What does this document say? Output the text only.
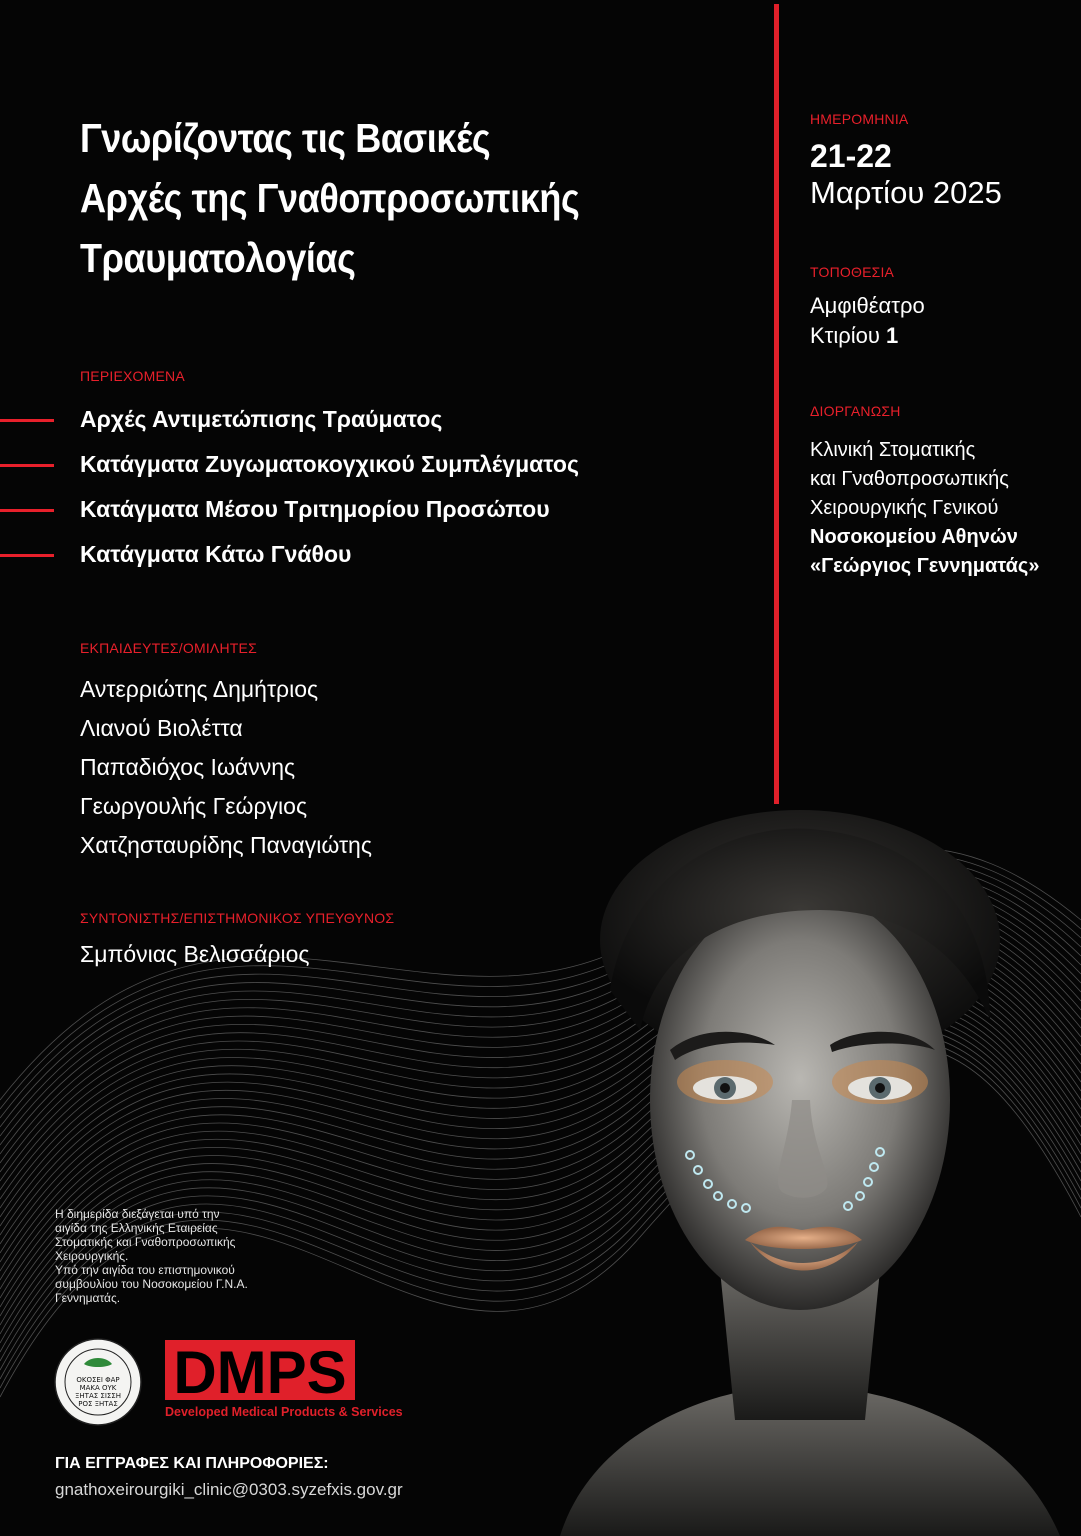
Γνωρίζοντας τις Βασικές
Αρχές της Γναθοπροσωπικής
Τραυματολογίας
ΠΕΡΙΕΧΟΜΕΝΑ
Αρχές Αντιμετώπισης Τραύματος
Κατάγματα Ζυγωματοκογχικού Συμπλέγματος
Κατάγματα Μέσου Τριτημορίου Προσώπου
Κατάγματα Κάτω Γνάθου
ΕΚΠΑΙΔΕΥΤΕΣ/ΟΜΙΛΗΤΕΣ
Αντερριώτης Δημήτριος
Λιανού Βιολέττα
Παπαδιόχος Ιωάννης
Γεωργουλής Γεώργιος
Χατζησταυρίδης Παναγιώτης
ΣΥΝΤΟΝΙΣΤΗΣ/ΕΠΙΣΤΗΜΟΝΙΚΟΣ ΥΠΕΥΘΥΝΟΣ
Σμπόνιας Βελισσάριος
ΗΜΕΡΟΜΗΝΙΑ
21-22
Μαρτίου 2025
ΤΟΠΟΘΕΣΙΑ
Αμφιθέατρο
Κτιρίου 1
ΔΙΟΡΓΑΝΩΣΗ
Κλινική Στοματικής
και Γναθοπροσωπικής
Χειρουργικής Γενικού
Νοσοκομείου Αθηνών
«Γεώργιος Γεννηματάς»
Η διημερίδα διεξάγεται υπό την
αιγίδα της Ελληνικής Εταιρείας
Στοματικής και Γναθοπροσωπικής
Χειρουργικής.
Υπό την αιγίδα του επιστημονικού
συμβουλίου του Νοσοκομείου Γ.Ν.Α.
Γεννηματάς.
ΟΚΟΣΕΙ ΦΑΡ
ΜΑΚΑ ΟΥΚ
ΞΗΤΑΣ ΣΙΣΣΗ
ΡΟΣ ΞΗΤΑΣ DMPS
Developed Medical Products & Services
ΓΙΑ ΕΓΓΡΑΦΕΣ ΚΑΙ ΠΛΗΡΟΦΟΡΙΕΣ:
gnathoxeirourgiki_clinic@0303.syzefxis.gov.gr
